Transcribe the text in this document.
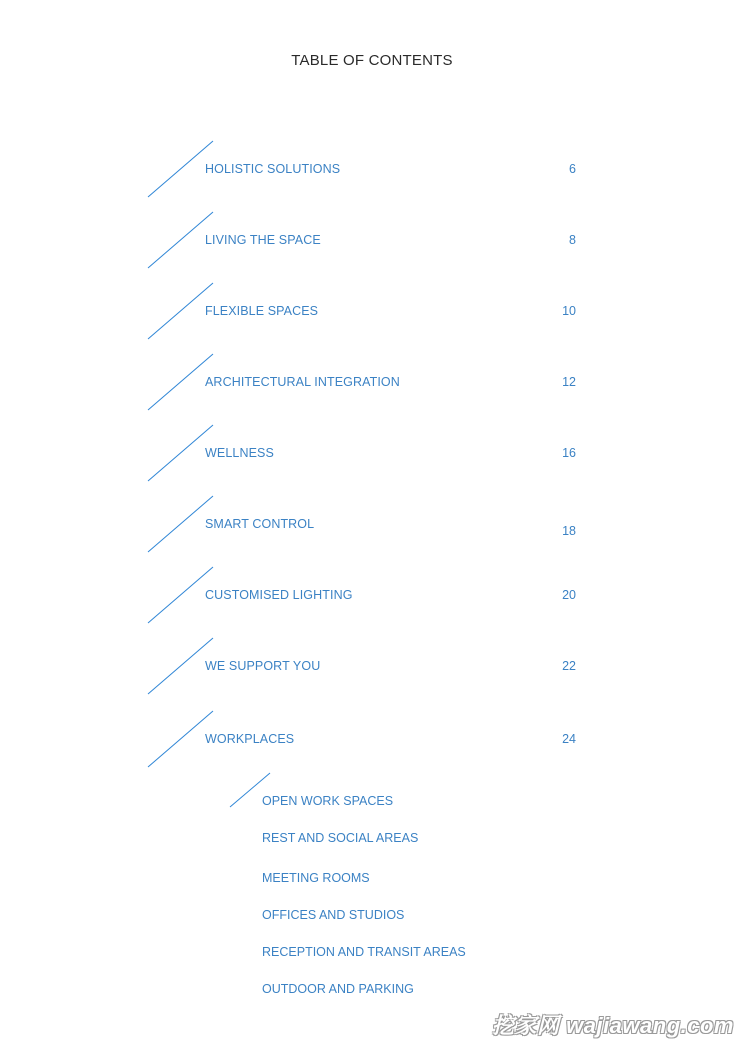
TABLE OF CONTENTS
HOLISTIC SOLUTIONS	6
LIVING THE SPACE	8
FLEXIBLE SPACES	10
ARCHITECTURAL INTEGRATION	12
WELLNESS	16
SMART CONTROL	18
CUSTOMISED LIGHTING	20
WE SUPPORT YOU	22
WORKPLACES	24
OPEN WORK SPACES
REST AND SOCIAL AREAS
MEETING ROOMS
OFFICES AND STUDIOS
RECEPTION AND TRANSIT AREAS
OUTDOOR AND PARKING
挖家网 wajiawang.com
